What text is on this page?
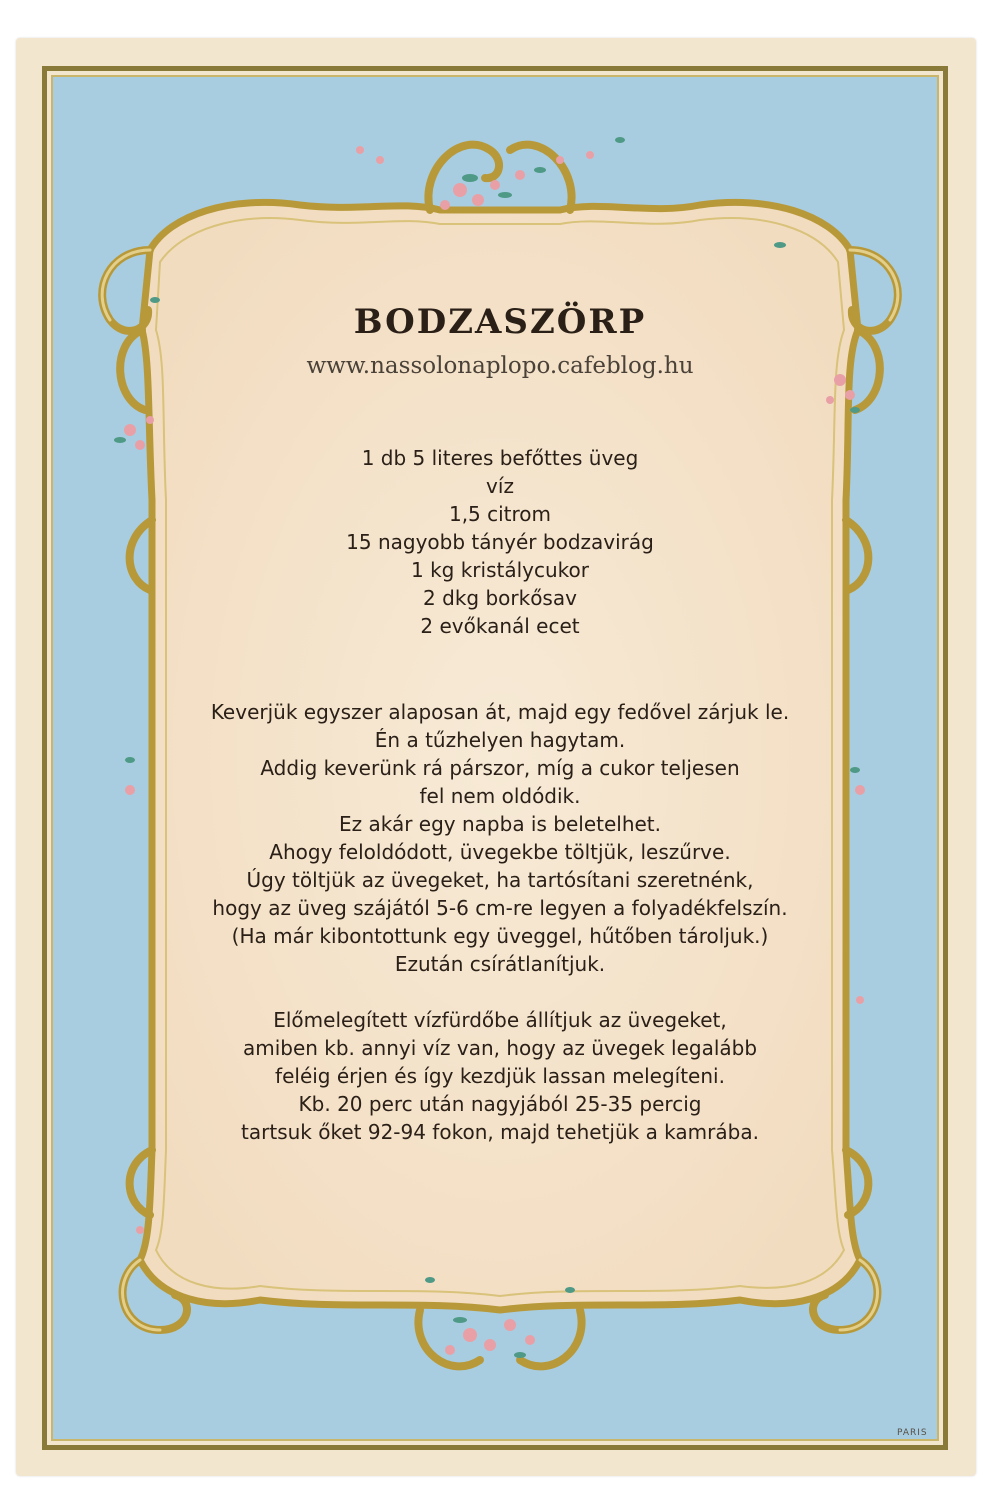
PARIS
BODZASZÖRP
www.nassolonaplopo.cafeblog.hu
1 db 5 literes befőttes üveg
víz
1,5 citrom
15 nagyobb tányér bodzavirág
1 kg kristálycukor
2 dkg borkősav
2 evőkanál ecet
Keverjük egyszer alaposan át, majd egy fedővel zárjuk le.
Én a tűzhelyen hagytam.
Addig keverünk rá párszor, míg a cukor teljesen
fel nem oldódik.
Ez akár egy napba is beletelhet.
Ahogy feloldódott, üvegekbe töltjük, leszűrve.
Úgy töltjük az üvegeket, ha tartósítani szeretnénk,
hogy az üveg szájától 5-6 cm-re legyen a folyadékfelszín.
(Ha már kibontottunk egy üveggel, hűtőben tároljuk.)
Ezután csírátlanítjuk.
Előmelegített vízfürdőbe állítjuk az üvegeket,
amiben kb. annyi víz van, hogy az üvegek legalább
feléig érjen és így kezdjük lassan melegíteni.
Kb. 20 perc után nagyjából 25-35 percig
tartsuk őket 92-94 fokon, majd tehetjük a kamrába.
